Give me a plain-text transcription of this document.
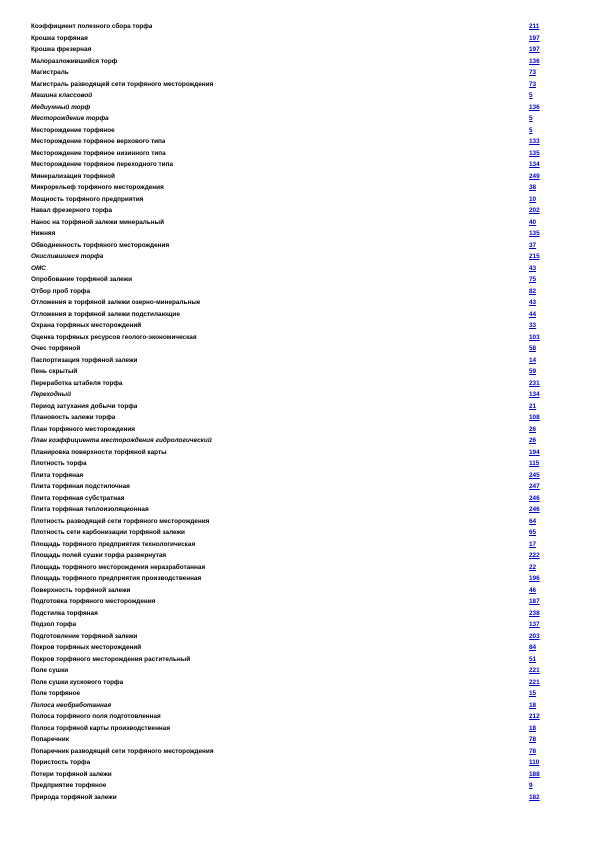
Коэффициент полезного сбора торфа	211
Крошка торфяная	197
Крошка фрезерная	197
Малоразложившийся торф	136
Магистраль	73
Магистраль разводящей сети торфяного месторождения	73
Машина классовой	5
Медиумный торф	136
Месторождение торфа	5
Месторождение торфяное	5
Месторождение торфяное верхового типа	133
Месторождение торфяное низинного типа	135
Месторождение торфяное переходного типа	134
Минерализация торфяной	249
Микрорельеф торфяного месторождения	38
Мощность торфяного предприятия	10
Навал фрезерного торфа	202
Нанос на торфяной залежи минеральный	40
Нижняя	135
Обводненность торфяного месторождения	37
Окислившиеся торфа	215
ОМС	43
Опробование торфяной залежи	75
Отбор проб торфа	82
Отложения в торфяной залежи озерно-минеральные	43
Отложения в торфяной залежи подстилающие	44
Охрана торфяных месторождений	33
Оценка торфяных ресурсов геолого-экономическая	103
Очес торфяной	58
Паспортизация торфяной залежи	14
Пень скрытый	59
Переработка штабеля торфа	231
Переходный	134
Период затухания добычи торфа	21
Плановость залежи торфа	108
План торфяного месторождения	26
План коэффициента месторождения гидрологический	26
Планировка поверхности торфяной карты	194
Плотность торфа	115
Плита торфяная	245
Плита торфяная подстилочная	247
Плита торфяная субстратная	246
Плита торфяная теплоизоляционная	246
Плотность разводящей сети торфяного месторождения	64
Плотность сети карбонизации торфяной залежи	65
Площадь торфяного предприятия технологическая	17
Площадь полей сушки торфа развернутая	222
Площадь торфяного месторождения неразработанная	22
Площадь торфяного предприятия производственная	196
Поверхность торфяной залежи	46
Подготовка торфяного месторождения	187
Подстилка торфяная	238
Подзол торфа	137
Подготовление торфяной залежи	203
Покров торфяных месторождений	84
Покров торфяного месторождения растительный	51
Поле сушки	221
Поле сушки кускового торфа	221
Поле торфяное	15
Полоса необработанная	18
Полоса торфяного поля подготовленная	212
Полоса торфяной карты производственная	18
Попаречник	78
Попаречник разводящей сети торфяного месторождения	78
Пористость торфа	110
Потери торфяной залежи	188
Предприятие торфяное	9
Природа торфяной залежи	182
